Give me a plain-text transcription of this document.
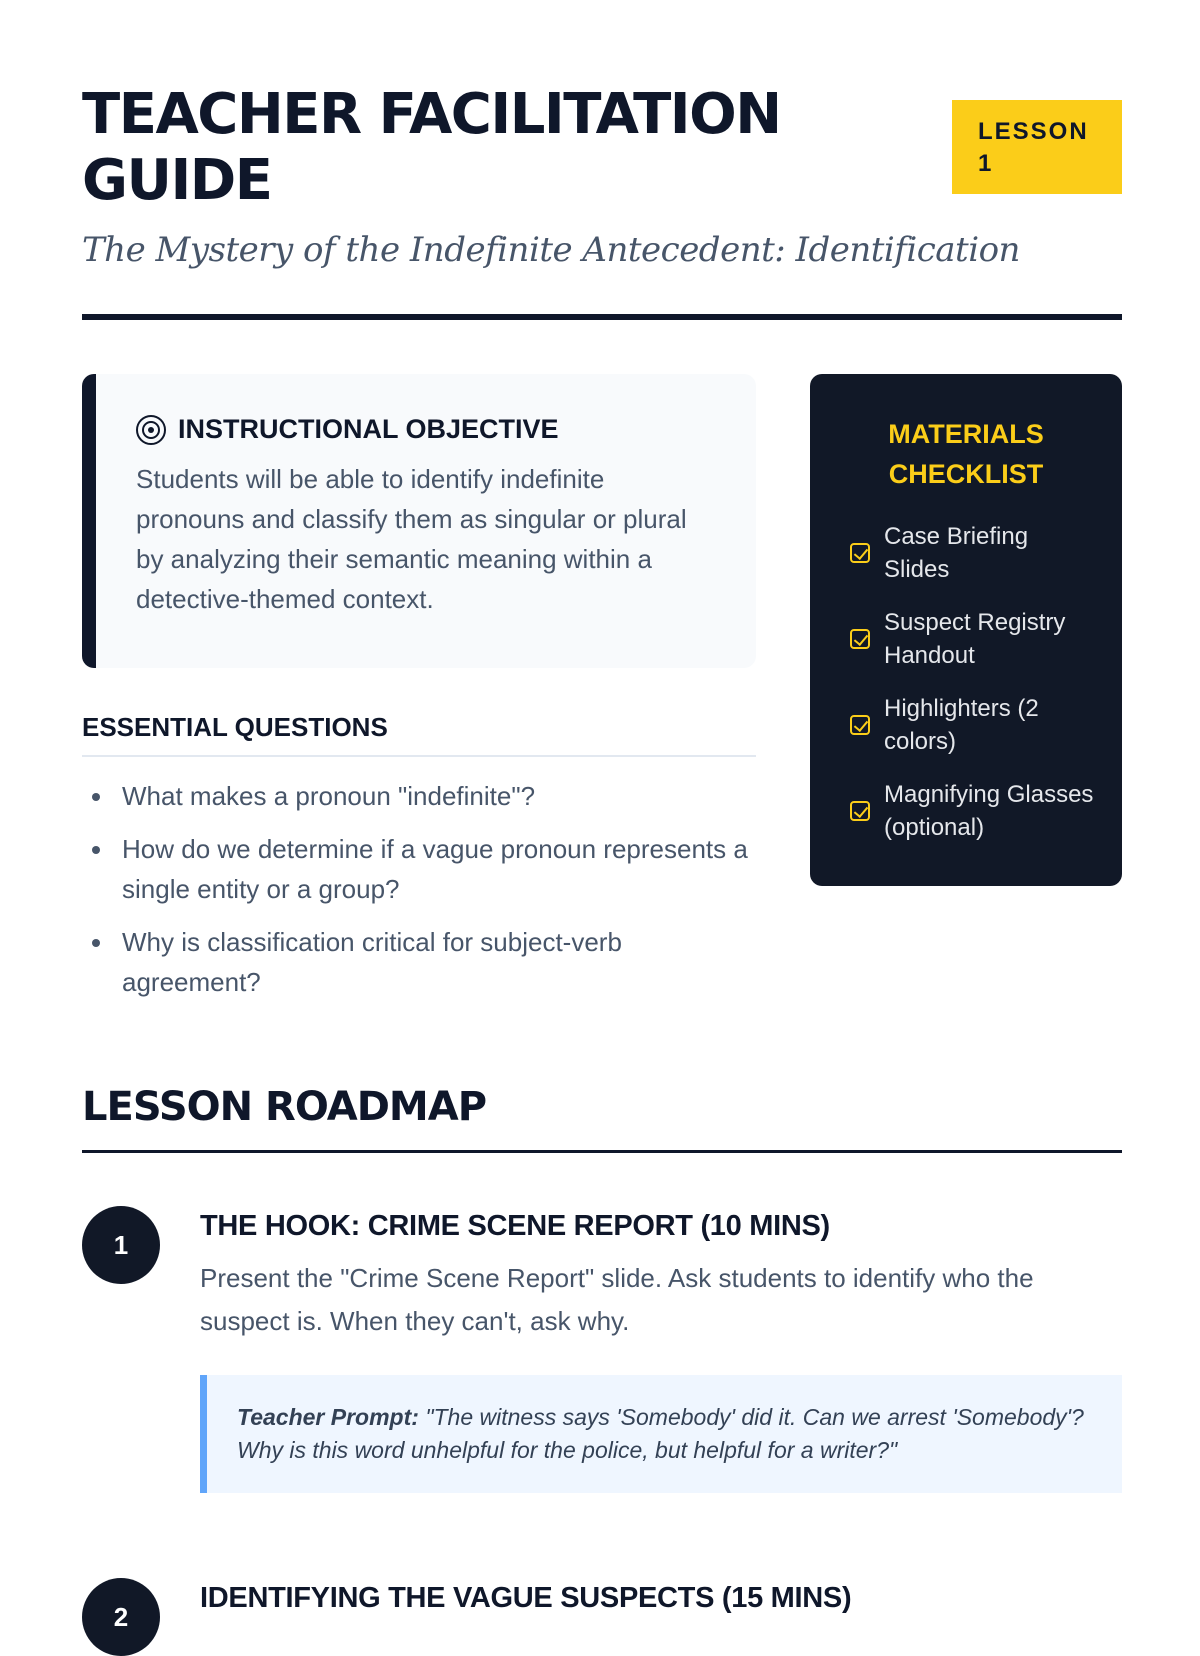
TEACHER FACILITATION GUIDE
LESSON 1
The Mystery of the Indefinite Antecedent: Identification
INSTRUCTIONAL OBJECTIVE

Students will be able to identify indefinite pronouns and classify them as singular or plural by analyzing their semantic meaning within a detective-themed context.

ESSENTIAL QUESTIONS
What makes a pronoun "indefinite"?
How do we determine if a vague pronoun represents a single entity or a group?
Why is classification critical for subject-verb agreement?
MATERIALS CHECKLIST
Case Briefing Slides
Suspect Registry Handout
Highlighters (2 colors)
Magnifying Glasses (optional)
LESSON ROADMAP
1
THE HOOK: CRIME SCENE REPORT (10 MINS)

Present the "Crime Scene Report" slide. Ask students to identify who the suspect is. When they can't, ask why.

Teacher Prompt: "The witness says 'Somebody' did it. Can we arrest 'Somebody'? Why is this word unhelpful for the police, but helpful for a writer?"
2
IDENTIFYING THE VAGUE SUSPECTS (15 MINS)
